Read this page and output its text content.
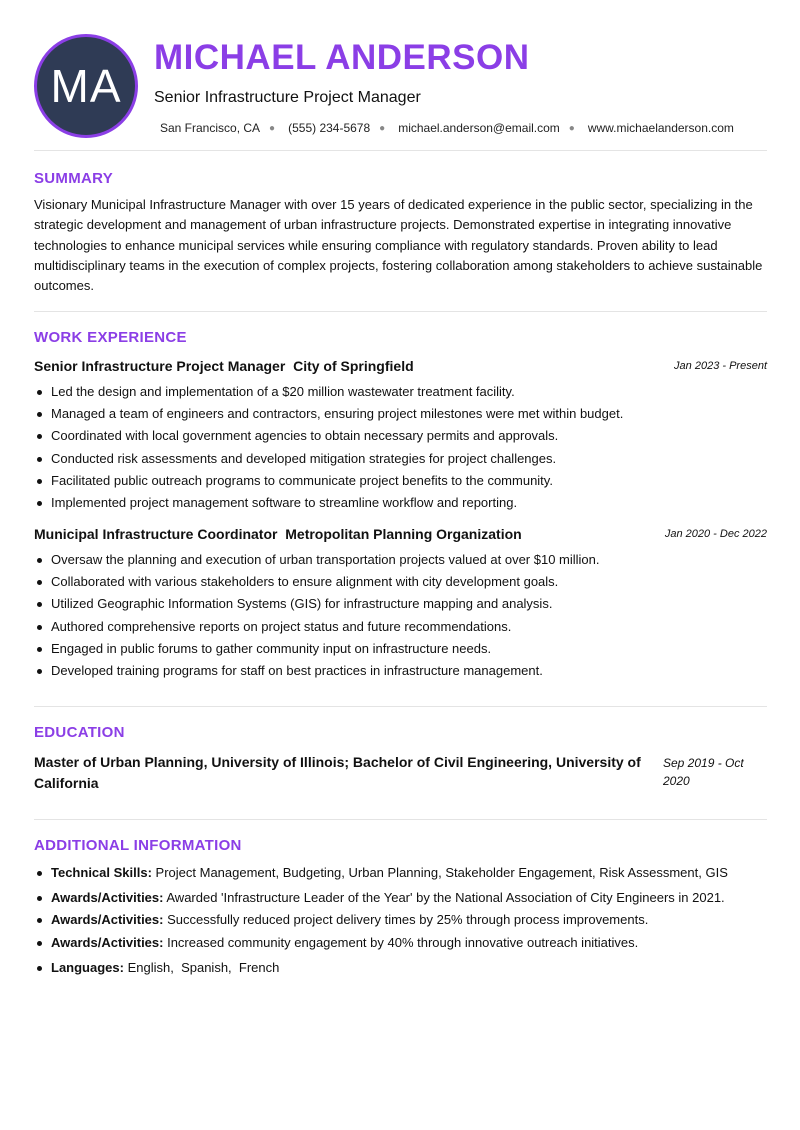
MA
MICHAEL ANDERSON
Senior Infrastructure Project Manager
San Francisco, CA ● (555) 234-5678 ● michael.anderson@email.com ● www.michaelanderson.com
SUMMARY

Visionary Municipal Infrastructure Manager with over 15 years of dedicated experience in the public sector, specializing in the strategic development and management of urban infrastructure projects. Demonstrated expertise in integrating innovative technologies to enhance municipal services while ensuring compliance with regulatory standards. Proven ability to lead multidisciplinary teams in the execution of complex projects, fostering collaboration among stakeholders to achieve sustainable outcomes.

WORK EXPERIENCE
Senior Infrastructure Project Manager City of Springfield	Jan 2023 - Present
Led the design and implementation of a $20 million wastewater treatment facility.
Managed a team of engineers and contractors, ensuring project milestones were met within budget.
Coordinated with local government agencies to obtain necessary permits and approvals.
Conducted risk assessments and developed mitigation strategies for project challenges.
Facilitated public outreach programs to communicate project benefits to the community.
Implemented project management software to streamline workflow and reporting.
Municipal Infrastructure Coordinator Metropolitan Planning Organization	Jan 2020 - Dec 2022
Oversaw the planning and execution of urban transportation projects valued at over $10 million.
Collaborated with various stakeholders to ensure alignment with city development goals.
Utilized Geographic Information Systems (GIS) for infrastructure mapping and analysis.
Authored comprehensive reports on project status and future recommendations.
Engaged in public forums to gather community input on infrastructure needs.
Developed training programs for staff on best practices in infrastructure management.
EDUCATION

Master of Urban Planning, University of Illinois; Bachelor of Civil Engineering, University of California

Sep 2019 - Oct 2020
ADDITIONAL INFORMATION
Technical Skills: Project Management, Budgeting, Urban Planning, Stakeholder Engagement, Risk Assessment, GIS
Awards/Activities: Awarded 'Infrastructure Leader of the Year' by the National Association of City Engineers in 2021.
Awards/Activities: Successfully reduced project delivery times by 25% through process improvements.
Awards/Activities: Increased community engagement by 40% through innovative outreach initiatives.
Languages: English,  Spanish,  French
